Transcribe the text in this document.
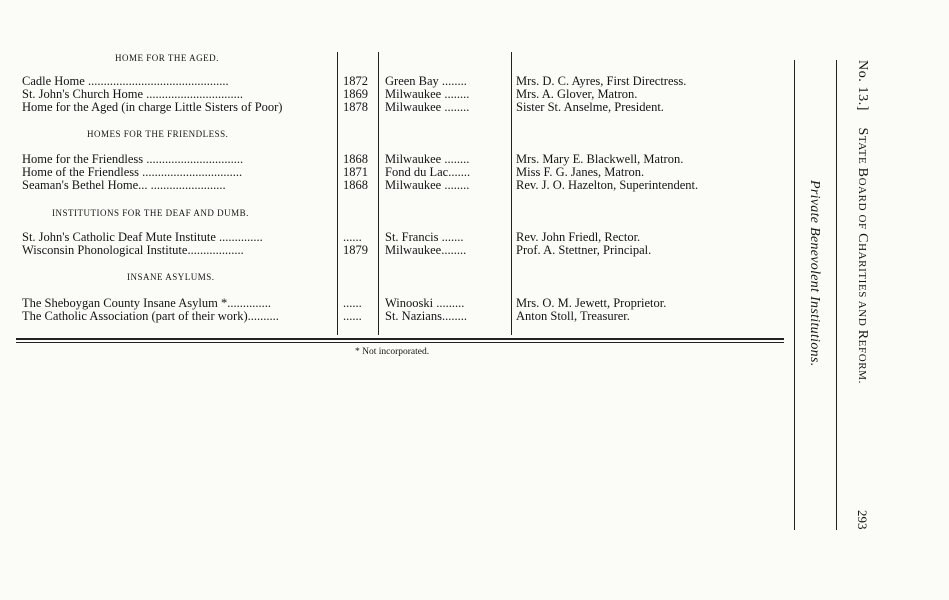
HOME FOR THE AGED.
HOMES FOR THE FRIENDLESS.
INSTITUTIONS FOR THE DEAF AND DUMB.
INSANE ASYLUMS.
Cadle Home .............................................	1872	Green Bay ........	Mrs. D. C. Ayres, First Directress.
St. John's Church Home ...............................	1869	Milwaukee ........	Mrs. A. Glover, Matron.
Home for the Aged (in charge Little Sisters of Poor)	1878	Milwaukee ........	Sister St. Anselme, President.
Home for the Friendless ...............................	1868	Milwaukee ........	Mrs. Mary E. Blackwell, Matron.
Home of the Friendless ................................	1871	Fond du Lac.......	Miss F. G. Janes, Matron.
Seaman's Bethel Home... ........................	1868	Milwaukee ........	Rev. J. O. Hazelton, Superintendent.
St. John's Catholic Deaf Mute Institute ..............	......	St. Francis .......	Rev. John Friedl, Rector.
Wisconsin Phonological Institute..................	1879	Milwaukee........	Prof. A. Stettner, Principal.
The Sheboygan County Insane Asylum *..............	......	Winooski .........	Mrs. O. M. Jewett, Proprietor.
The Catholic Association (part of their work)..........	......	St. Nazians........	Anton Stoll, Treasurer.
* Not incorporated.
No. 13.]    STATE BOARD OF CHARITIES AND REFORM.
293
Private Benevolent Institutions.
